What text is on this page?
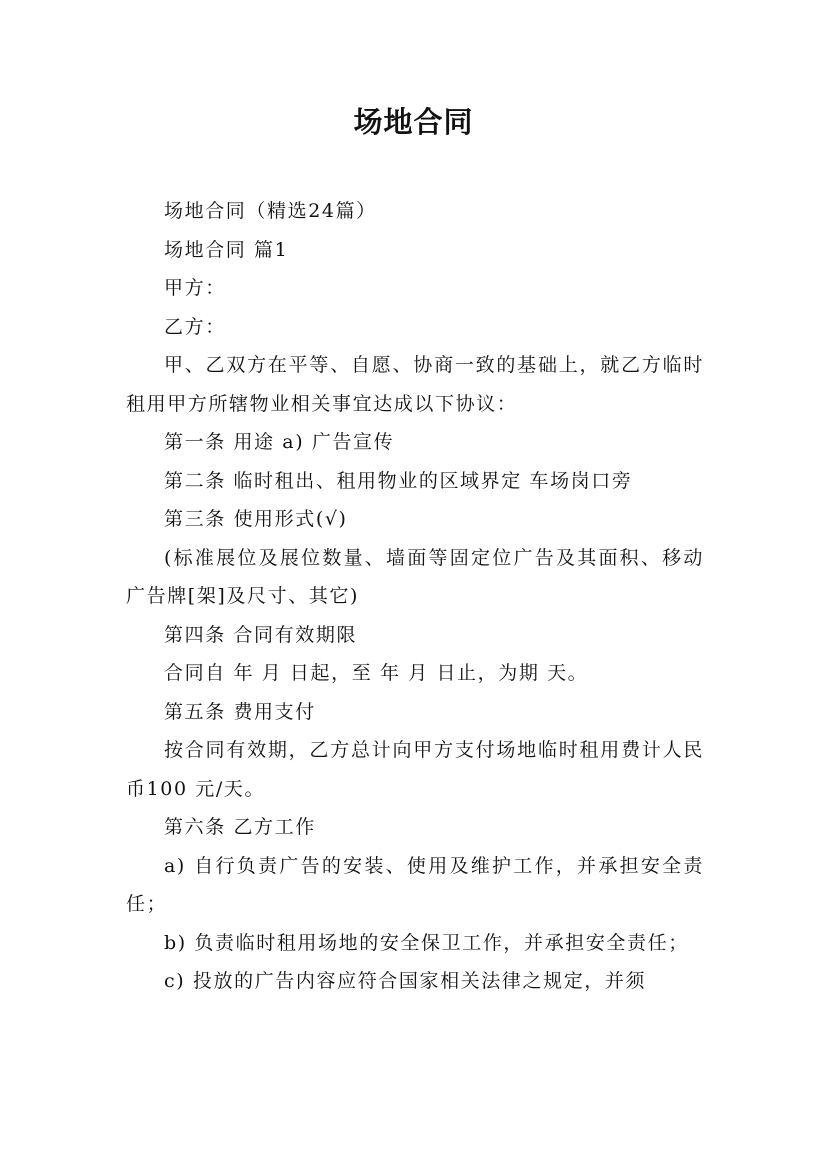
场地合同

场地合同（精选24篇）

场地合同 篇1

甲方：

乙方：

甲、乙双方在平等、自愿、协商一致的基础上，就乙方临时租用甲方所辖物业相关事宜达成以下协议：

第一条 用途 a) 广告宣传

第二条 临时租出、租用物业的区域界定 车场岗口旁

第三条 使用形式(√)

(标准展位及展位数量、墙面等固定位广告及其面积、移动广告牌[架]及尺寸、其它)

第四条 合同有效期限

合同自 年 月 日起，至 年 月 日止，为期 天。

第五条 费用支付

按合同有效期，乙方总计向甲方支付场地临时租用费计人民币100 元/天。

第六条 乙方工作

a) 自行负责广告的安装、使用及维护工作，并承担安全责任；

b) 负责临时租用场地的安全保卫工作，并承担安全责任；

c) 投放的广告内容应符合国家相关法律之规定，并须
